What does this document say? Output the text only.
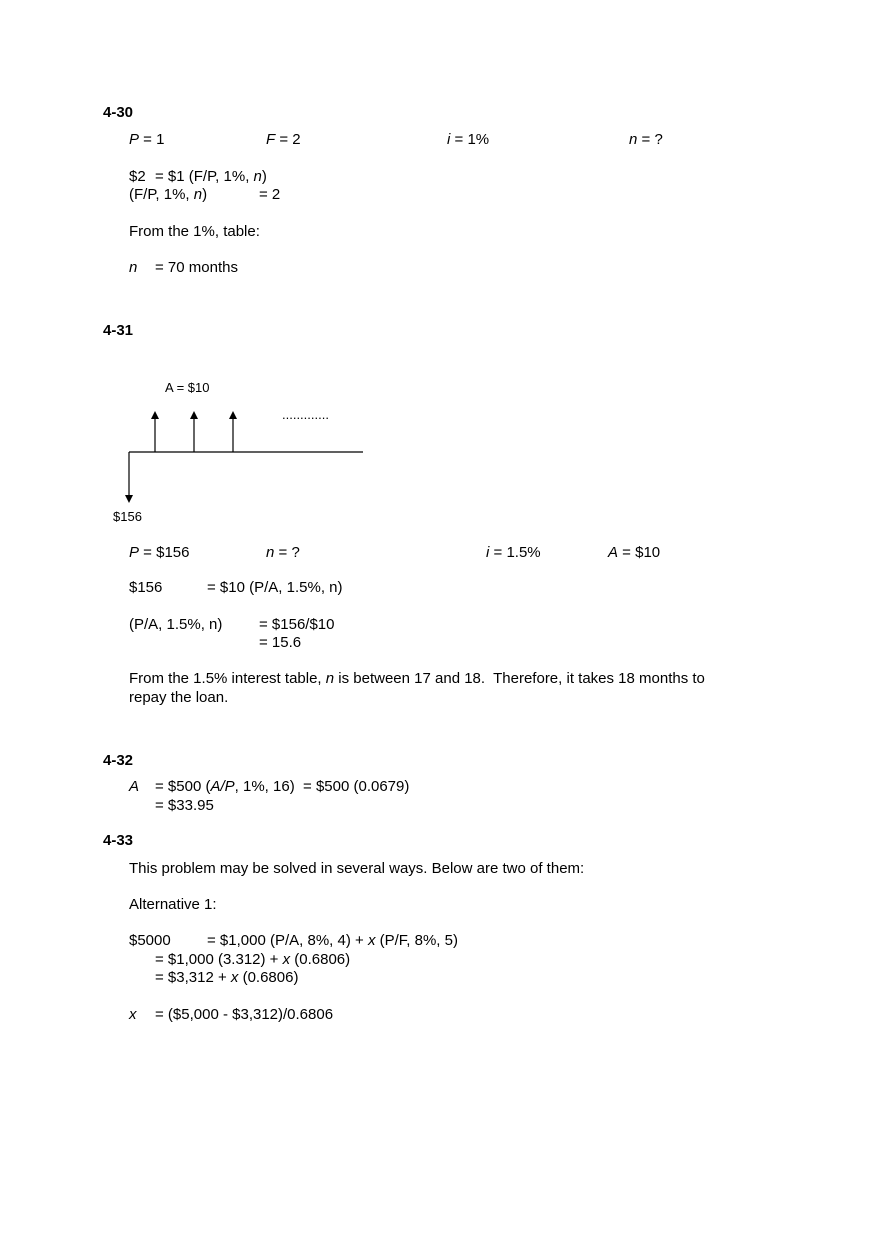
4-30
P = 1	F = 2	i = 1%	n = ?
$2 = $1 (F/P, 1%, n)
(F/P, 1%, n)	= 2
From the 1%, table:
n = 70 months
4-31
A = $10
.............
$156
P = $156	n = ?	i = 1.5%	A = $10
$156	= $10 (P/A, 1.5%, n)
(P/A, 1.5%, n) = $156/$10
= 15.6
From the 1.5% interest table, n is between 17 and 18.  Therefore, it takes 18 months to
repay the loan.
4-32
A = $500 (A/P, 1%, 16)  = $500 (0.0679)
= $33.95
4-33
This problem may be solved in several ways. Below are two of them:
Alternative 1:
$5000 = $1,000 (P/A, 8%, 4) + x (P/F, 8%, 5)
= $1,000 (3.312) + x (0.6806)
= $3,312 + x (0.6806)
x = ($5,000 - $3,312)/0.6806
